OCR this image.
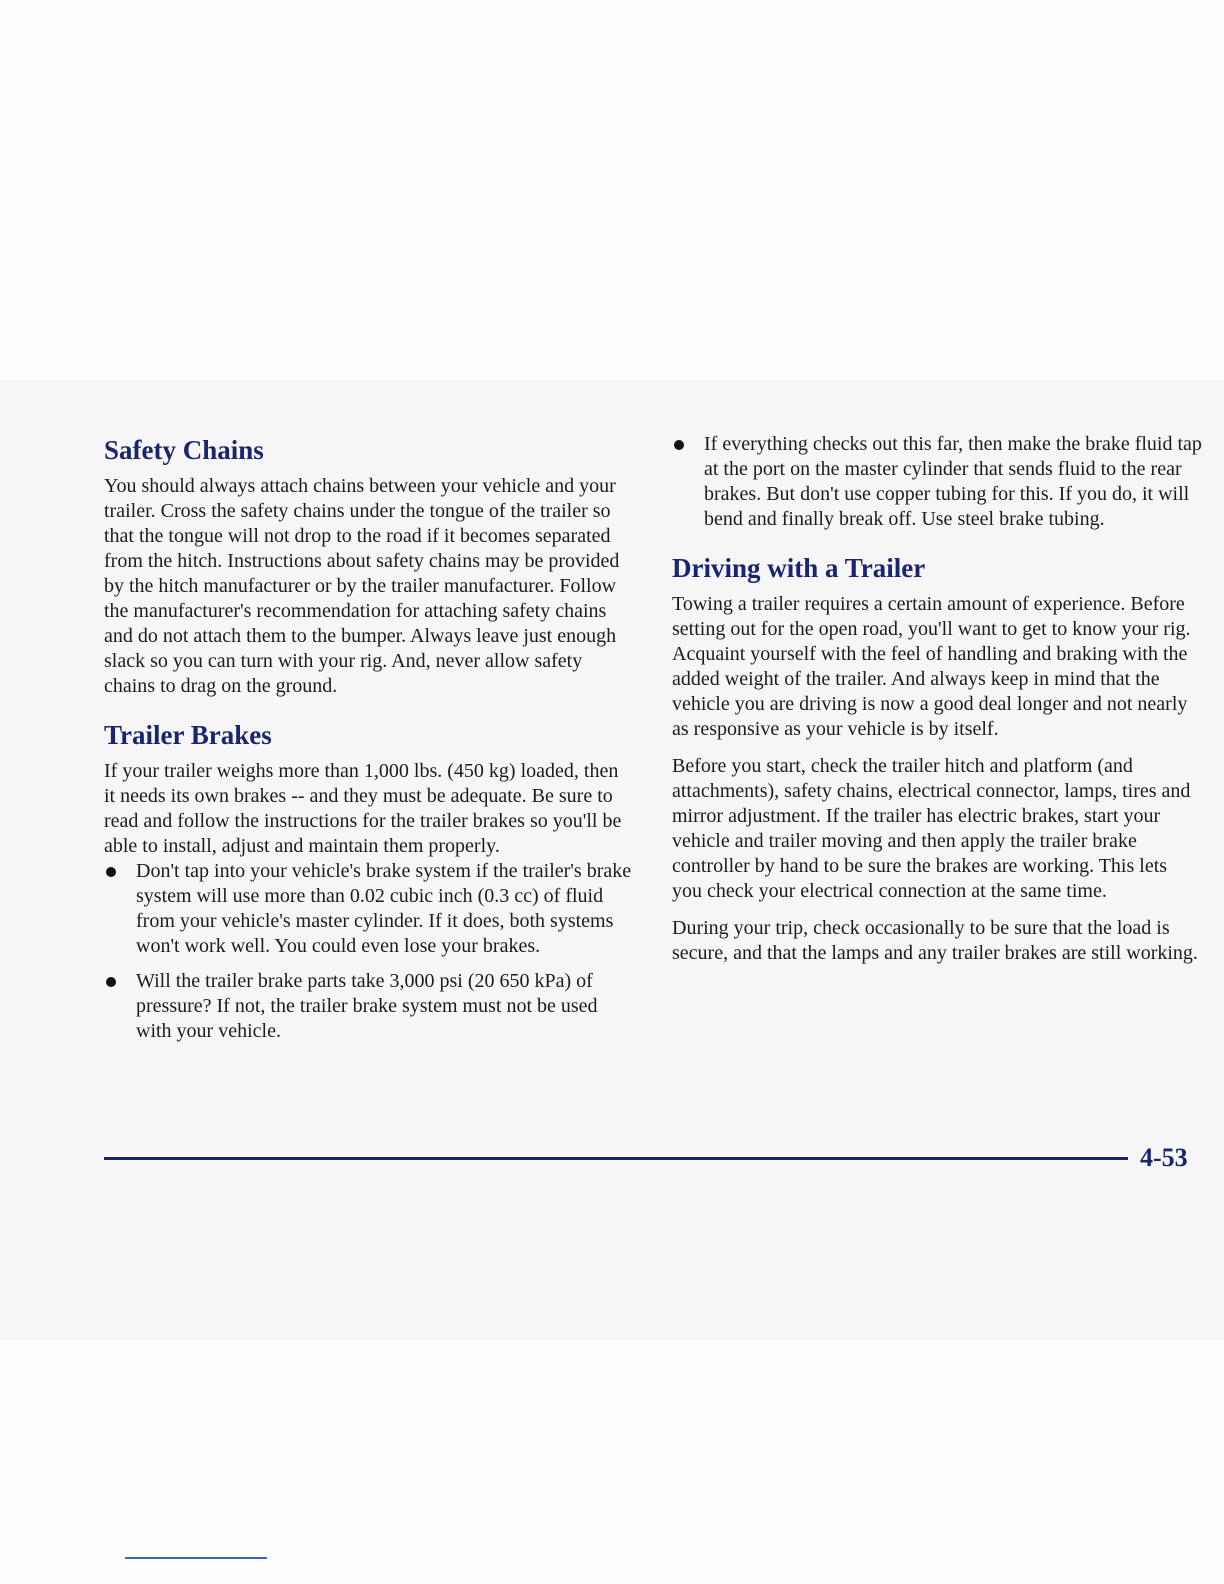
Safety Chains

You should always attach chains between your vehicle and your trailer. Cross the safety chains under the tongue of the trailer so that the tongue will not drop to the road if it becomes separated from the hitch. Instructions about safety chains may be provided by the hitch manufacturer or by the trailer manufacturer. Follow the manufacturer's recommendation for attaching safety chains and do not attach them to the bumper. Always leave just enough slack so you can turn with your rig. And, never allow safety chains to drag on the ground.

Trailer Brakes

If your trailer weighs more than 1,000 lbs. (450 kg) loaded, then it needs its own brakes -- and they must be adequate. Be sure to read and follow the instructions for the trailer brakes so you'll be able to install, adjust and maintain them properly.

Don't tap into your vehicle's brake system if the trailer's brake system will use more than 0.02 cubic inch (0.3 cc) of fluid from your vehicle's master cylinder. If it does, both systems won't work well. You could even lose your brakes.
Will the trailer brake parts take 3,000 psi (20 650 kPa) of pressure? If not, the trailer brake system must not be used with your vehicle.
If everything checks out this far, then make the brake fluid tap at the port on the master cylinder that sends fluid to the rear brakes. But don't use copper tubing for this. If you do, it will bend and finally break off. Use steel brake tubing.
Driving with a Trailer

Towing a trailer requires a certain amount of experience. Before setting out for the open road, you'll want to get to know your rig. Acquaint yourself with the feel of handling and braking with the added weight of the trailer. And always keep in mind that the vehicle you are driving is now a good deal longer and not nearly as responsive as your vehicle is by itself.

Before you start, check the trailer hitch and platform (and attachments), safety chains, electrical connector, lamps, tires and mirror adjustment. If the trailer has electric brakes, start your vehicle and trailer moving and then apply the trailer brake controller by hand to be sure the brakes are working. This lets you check your electrical connection at the same time.

During your trip, check occasionally to be sure that the load is secure, and that the lamps and any trailer brakes are still working.

4-53
